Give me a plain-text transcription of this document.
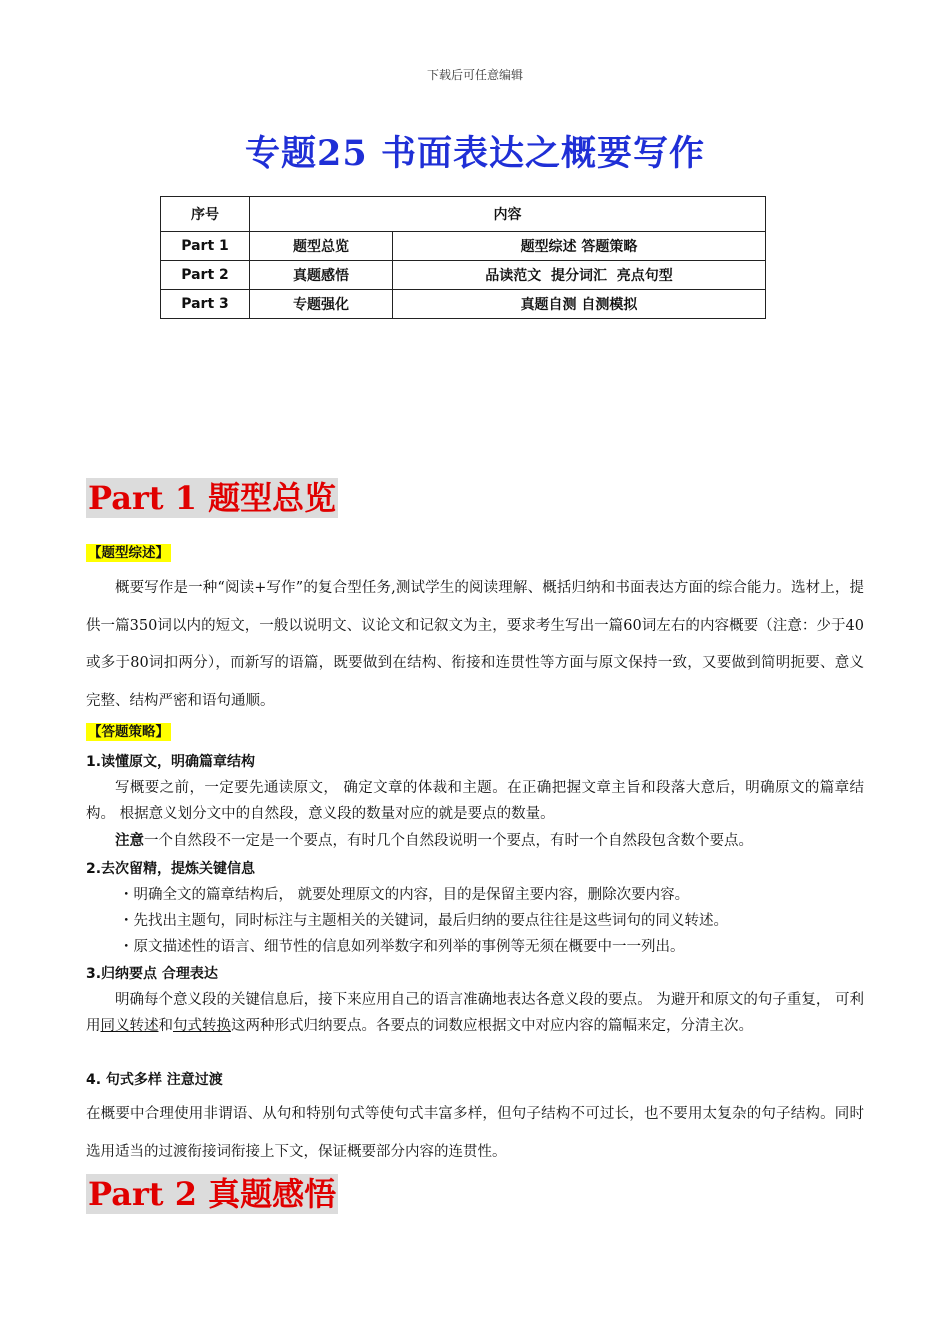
下载后可任意编辑
专题25 书面表达之概要写作
序号	内容	
Part 1	题型总览	题型综述 答题策略
Part 2	真题感悟	品读范文  提分词汇  亮点句型
Part 3	专题强化	真题自测 自测模拟
Part 1 题型总览
【题型综述】
概要写作是一种“阅读+写作”的复合型任务,测试学生的阅读理解、概括归纳和书面表达方面的综合能力。选材上，提供一篇350词以内的短文，一般以说明文、议论文和记叙文为主，要求考生写出一篇60词左右的内容概要（注意：少于40或多于80词扣两分），而新写的语篇，既要做到在结构、衔接和连贯性等方面与原文保持一致，又要做到简明扼要、意义完整、结构严密和语句通顺。
【答题策略】
1.读懂原文，明确篇章结构
写概要之前，一定要先通读原文， 确定文章的体裁和主题。在正确把握文章主旨和段落大意后，明确原文的篇章结构。 根据意义划分文中的自然段，意义段的数量对应的就是要点的数量。
注意一个自然段不一定是一个要点，有时几个自然段说明一个要点，有时一个自然段包含数个要点。
2.去次留精，提炼关键信息
・明确全文的篇章结构后， 就要处理原文的内容，目的是保留主要内容，删除次要内容。
・先找出主题句，同时标注与主题相关的关键词，最后归纳的要点往往是这些词句的同义转述。
・原文描述性的语言、细节性的信息如列举数字和列举的事例等无须在概要中一一列出。
3.归纳要点 合理表达
明确每个意义段的关键信息后，接下来应用自己的语言准确地表达各意义段的要点。 为避开和原文的句子重复， 可利用同义转述和句式转换这两种形式归纳要点。各要点的词数应根据文中对应内容的篇幅来定，分清主次。
4. 句式多样 注意过渡
在概要中合理使用非谓语、从句和特别句式等使句式丰富多样，但句子结构不可过长，也不要用太复杂的句子结构。同时选用适当的过渡衔接词衔接上下文，保证概要部分内容的连贯性。
Part 2 真题感悟
